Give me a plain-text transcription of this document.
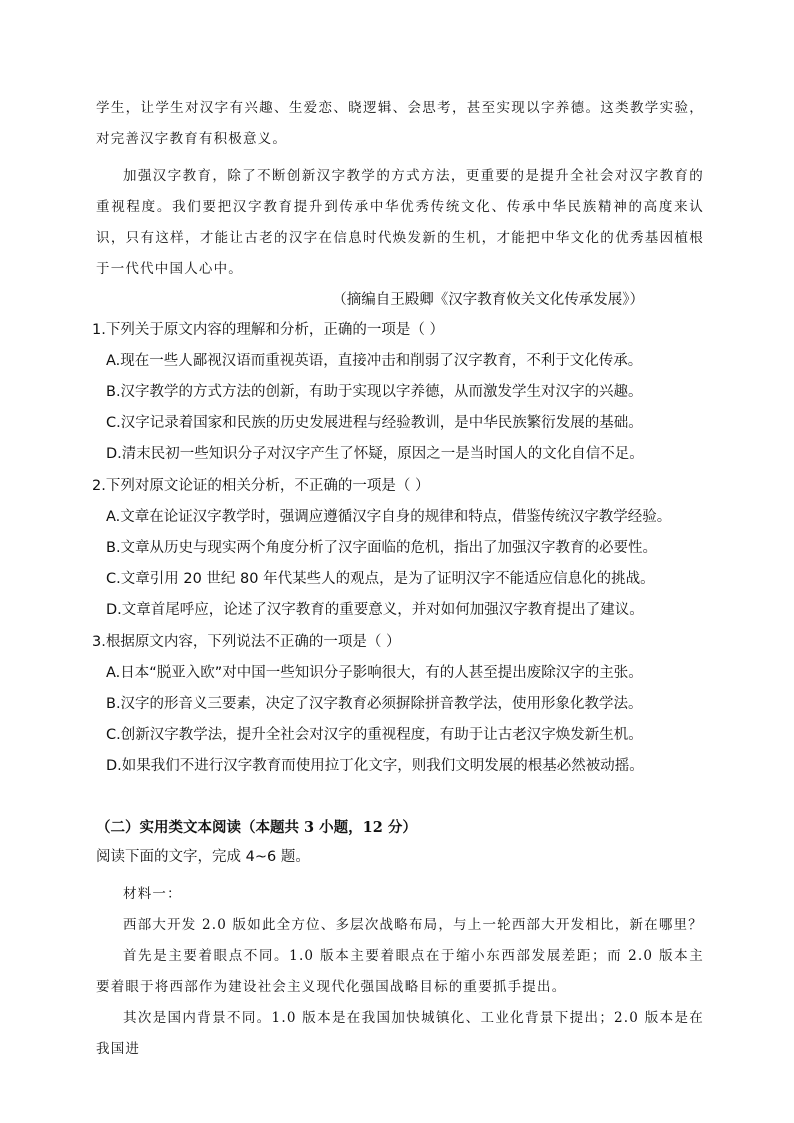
学生，让学生对汉字有兴趣、生爱恋、晓逻辑、会思考，甚至实现以字养德。这类教学实验，对完善汉字教育有积极意义。

加强汉字教育，除了不断创新汉字教学的方式方法，更重要的是提升全社会对汉字教育的重视程度。我们要把汉字教育提升到传承中华优秀传统文化、传承中华民族精神的高度来认识，只有这样，才能让古老的汉字在信息时代焕发新的生机，才能把中华文化的优秀基因植根于一代代中国人心中。

（摘编自王殿卿《汉字教育攸关文化传承发展》）

1.下列关于原文内容的理解和分析，正确的一项是（ ）

A.现在一些人鄙视汉语而重视英语，直接冲击和削弱了汉字教育，不利于文化传承。

B.汉字教学的方式方法的创新，有助于实现以字养德，从而激发学生对汉字的兴趣。

C.汉字记录着国家和民族的历史发展进程与经验教训，是中华民族繁衍发展的基础。

D.清末民初一些知识分子对汉字产生了怀疑，原因之一是当时国人的文化自信不足。

2.下列对原文论证的相关分析，不正确的一项是（ ）

A.文章在论证汉字教学时，强调应遵循汉字自身的规律和特点，借鉴传统汉字教学经验。

B.文章从历史与现实两个角度分析了汉字面临的危机，指出了加强汉字教育的必要性。

C.文章引用 20 世纪 80 年代某些人的观点，是为了证明汉字不能适应信息化的挑战。

D.文章首尾呼应，论述了汉字教育的重要意义，并对如何加强汉字教育提出了建议。

3.根据原文内容，下列说法不正确的一项是（ ）

A.日本“脱亚入欧”对中国一些知识分子影响很大，有的人甚至提出废除汉字的主张。

B.汉字的形音义三要素，决定了汉字教育必须摒除拼音教学法，使用形象化教学法。

C.创新汉字教学法，提升全社会对汉字的重视程度，有助于让古老汉字焕发新生机。

D.如果我们不进行汉字教育而使用拉丁化文字，则我们文明发展的根基必然被动摇。

（二）实用类文本阅读（本题共 3 小题，12 分）

阅读下面的文字，完成 4~6 题。

材料一：

西部大开发 2.0 版如此全方位、多层次战略布局，与上一轮西部大开发相比，新在哪里？

首先是主要着眼点不同。1.0 版本主要着眼点在于缩小东西部发展差距；而 2.0 版本主要着眼于将西部作为建设社会主义现代化强国战略目标的重要抓手提出。

其次是国内背景不同。1.0 版本是在我国加快城镇化、工业化背景下提出；2.0 版本是在我国进
